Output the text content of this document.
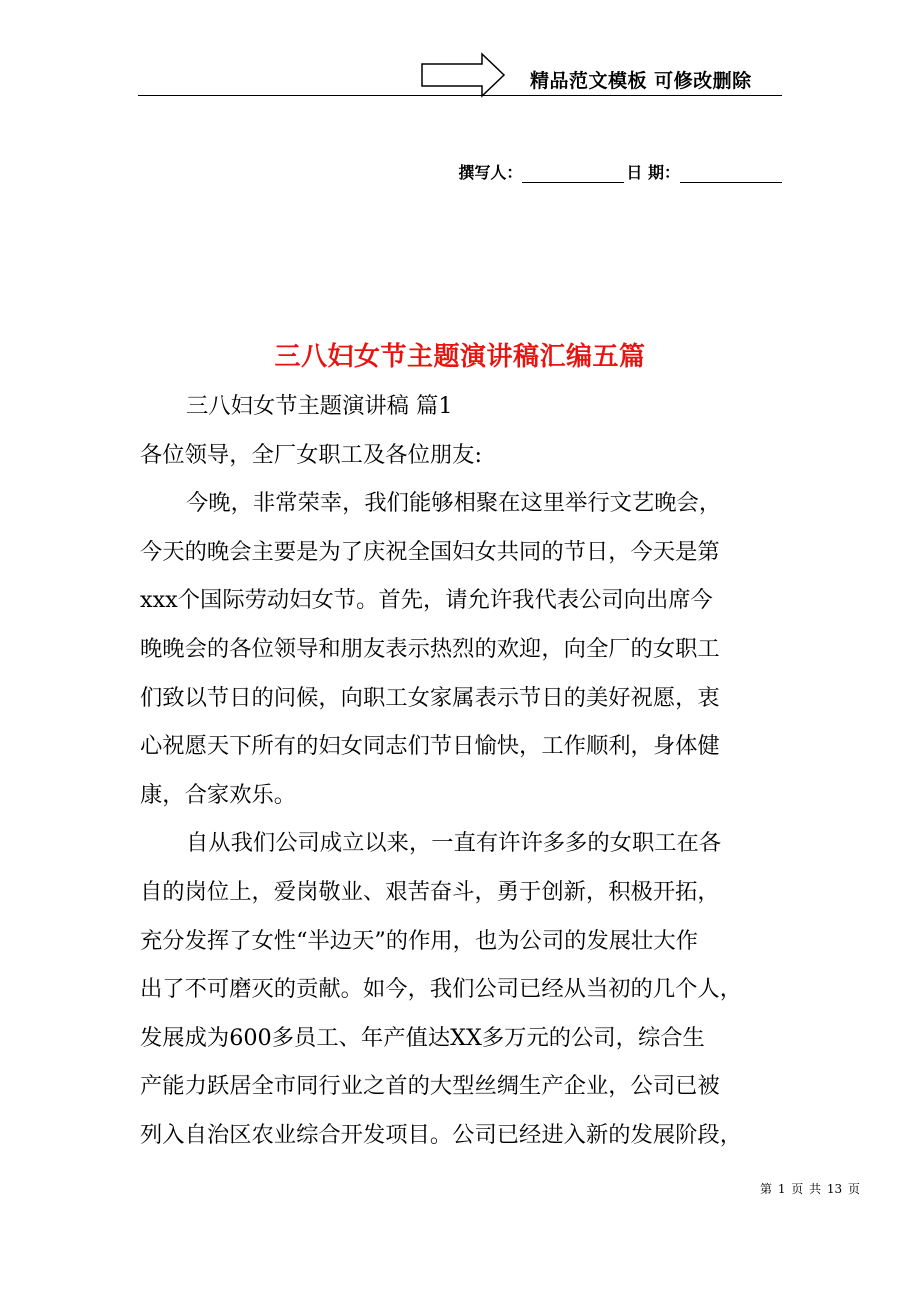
精品范文模板 可修改删除
撰写人：	日 期：
三八妇女节主题演讲稿汇编五篇
三八妇女节主题演讲稿 篇1
各位领导，全厂女职工及各位朋友:
今晚，非常荣幸，我们能够相聚在这里举行文艺晚会，
今天的晚会主要是为了庆祝全国妇女共同的节日，今天是第
xxx个国际劳动妇女节。首先，请允许我代表公司向出席今
晚晚会的各位领导和朋友表示热烈的欢迎，向全厂的女职工
们致以节日的问候，向职工女家属表示节日的美好祝愿，衷
心祝愿天下所有的妇女同志们节日愉快，工作顺利，身体健
康，合家欢乐。
自从我们公司成立以来，一直有许许多多的女职工在各
自的岗位上，爱岗敬业、艰苦奋斗，勇于创新，积极开拓，
充分发挥了女性“半边天”的作用，也为公司的发展壮大作
出了不可磨灭的贡献。如今，我们公司已经从当初的几个人，
发展成为600多员工、年产值达XX多万元的公司，综合生
产能力跃居全市同行业之首的大型丝绸生产企业，公司已被
列入自治区农业综合开发项目。公司已经进入新的发展阶段，
第 1 页 共 13 页
